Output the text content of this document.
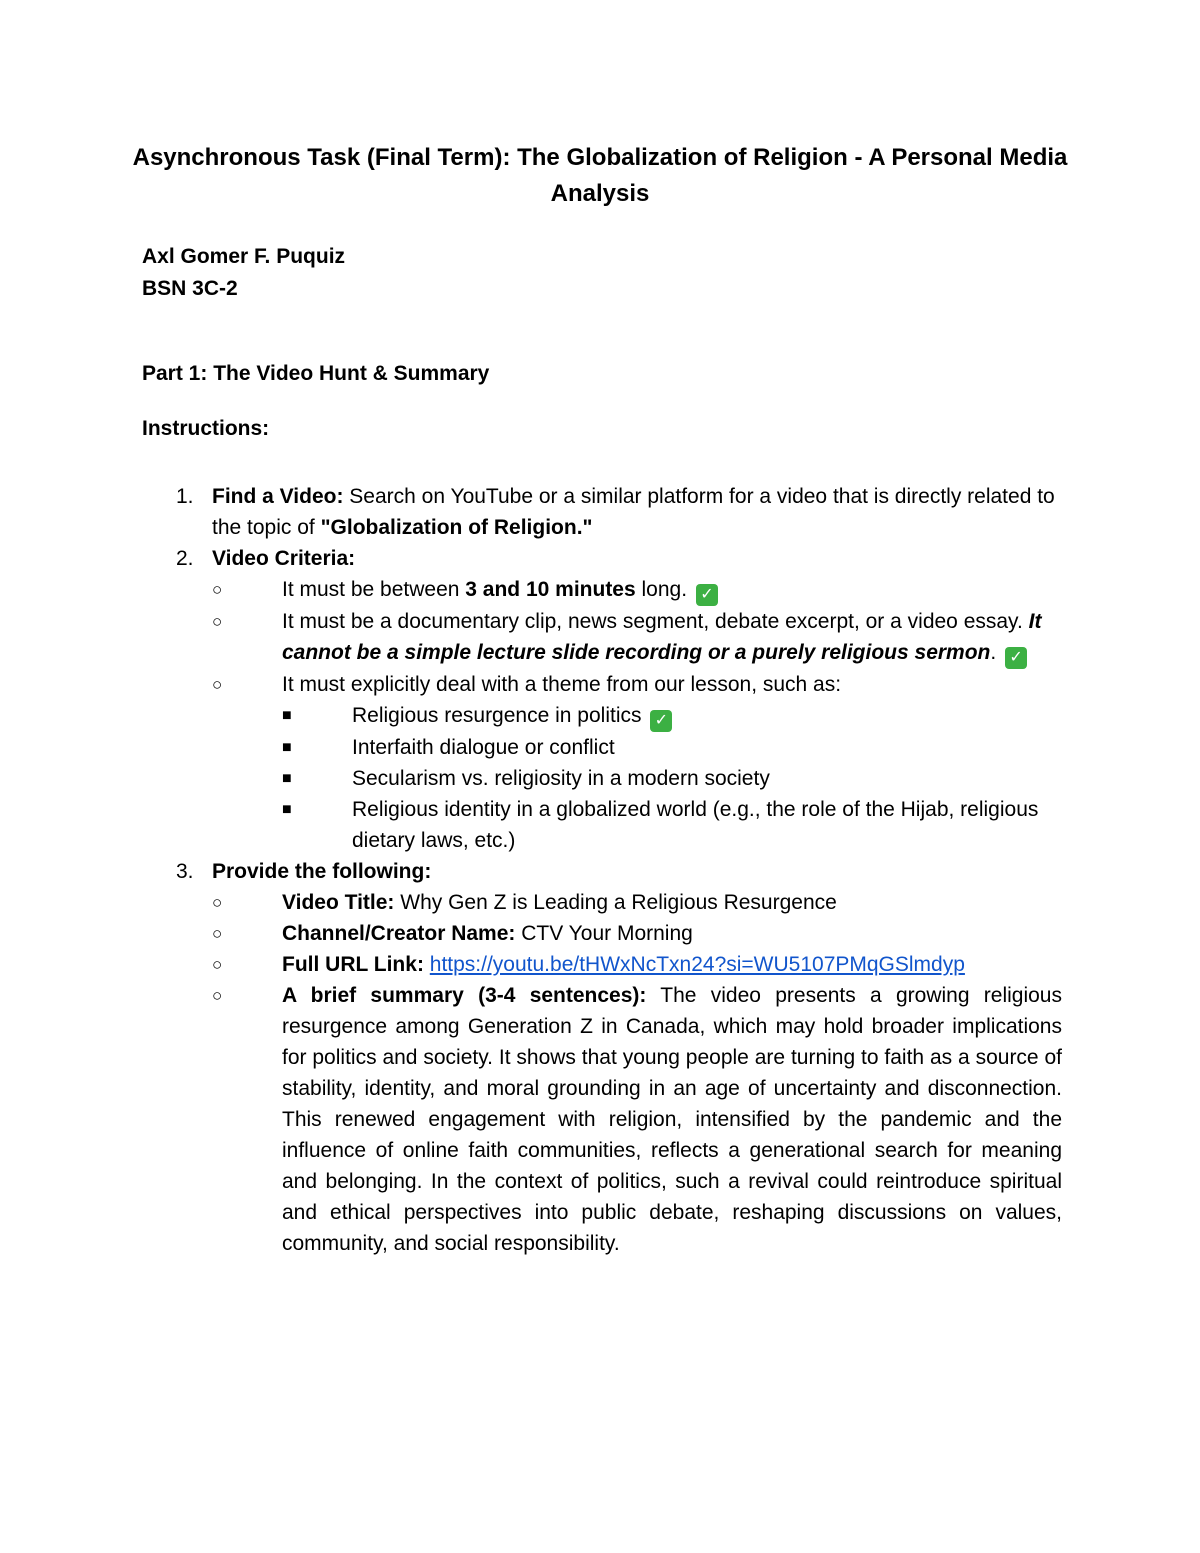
Asynchronous Task (Final Term): The Globalization of Religion - A Personal Media Analysis
Axl Gomer F. Puquiz
BSN 3C-2
Part 1: The Video Hunt & Summary
Instructions:
1. Find a Video: Search on YouTube or a similar platform for a video that is directly related to the topic of "Globalization of Religion."
2. Video Criteria:
○	It must be between 3 and 10 minutes long. ✓
○	It must be a documentary clip, news segment, debate excerpt, or a video essay. It cannot be a simple lecture slide recording or a purely religious sermon. ✓
○	It must explicitly deal with a theme from our lesson, such as:
■	Religious resurgence in politics ✓
■	Interfaith dialogue or conflict
■	Secularism vs. religiosity in a modern society
■	Religious identity in a globalized world (e.g., the role of the Hijab, religious dietary laws, etc.)
3. Provide the following:
○	Video Title: Why Gen Z is Leading a Religious Resurgence
○	Channel/Creator Name: CTV Your Morning
○	Full URL Link: https://youtu.be/tHWxNcTxn24?si=WU5107PMqGSlmdyp
○	A brief summary (3-4 sentences): The video presents a growing religious resurgence among Generation Z in Canada, which may hold broader implications for politics and society. It shows that young people are turning to faith as a source of stability, identity, and moral grounding in an age of uncertainty and disconnection. This renewed engagement with religion, intensified by the pandemic and the influence of online faith communities, reflects a generational search for meaning and belonging. In the context of politics, such a revival could reintroduce spiritual and ethical perspectives into public debate, reshaping discussions on values, community, and social responsibility.
